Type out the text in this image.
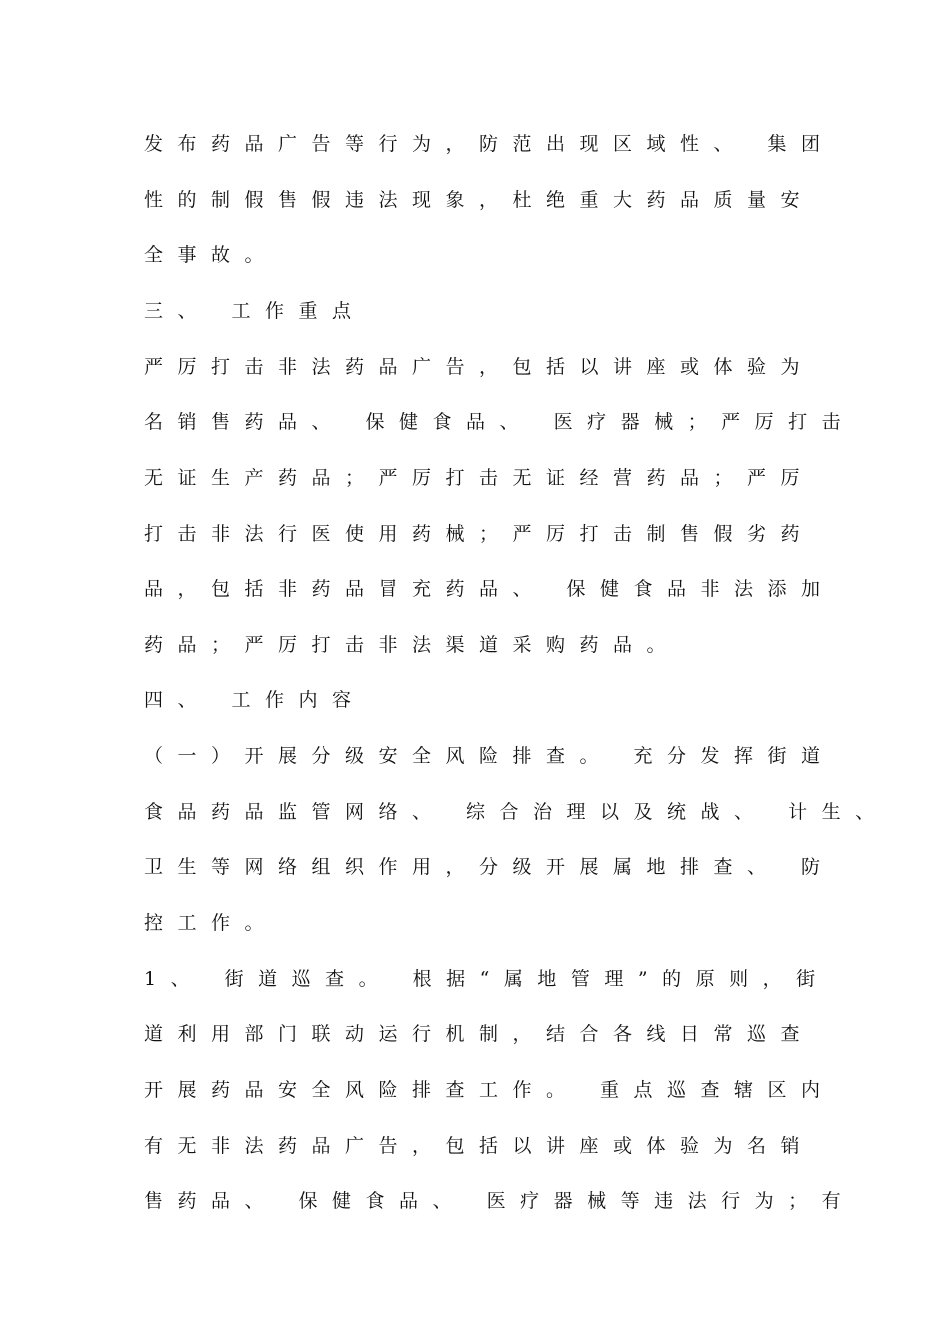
发布药品广告等行为，防范出现区域性、 集团
性的制假售假违法现象，杜绝重大药品质量安
全事故。
三、 工作重点
严厉打击非法药品广告，包括以讲座或体验为
名销售药品、 保健食品、 医疗器械；严厉打击
无证生产药品；严厉打击无证经营药品；严厉
打击非法行医使用药械；严厉打击制售假劣药
品，包括非药品冒充药品、 保健食品非法添加
药品；严厉打击非法渠道采购药品。
四、 工作内容
（一）开展分级安全风险排查。 充分发挥街道
食品药品监管网络、 综合治理以及统战、 计生、
卫生等网络组织作用，分级开展属地排查、 防
控工作。
1、 街道巡查。 根据“属地管理”的原则，街
道利用部门联动运行机制，结合各线日常巡查
开展药品安全风险排查工作。 重点巡查辖区内
有无非法药品广告，包括以讲座或体验为名销
售药品、 保健食品、 医疗器械等违法行为；有
